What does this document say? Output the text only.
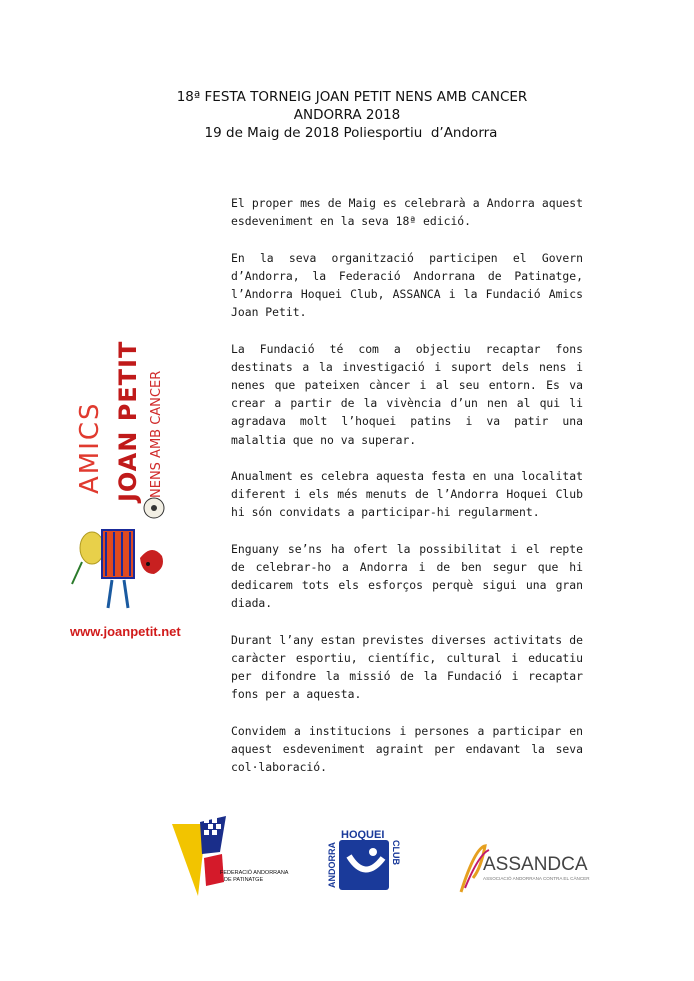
18ª FESTA TORNEIG JOAN PETIT NENS AMB CANCER
ANDORRA 2018
19 de Maig de 2018 Poliesportiu  d’Andorra

El proper mes de Maig es celebrarà a Andorra aquest esdeveniment en la seva 18ª edició.

En la seva organització participen el Govern d’Andorra, la Federació Andorrana de Patinatge, l’Andorra Hoquei Club, ASSANCA i la Fundació Amics Joan Petit.

La Fundació té com a objectiu recaptar fons destinats a la investigació i suport dels nens i nenes que pateixen càncer i al seu entorn. Es va crear a partir de la vivència d’un nen al qui li agradava molt l’hoquei patins i va patir una malaltia que no va superar.

Anualment es celebra aquesta festa en una localitat diferent i els més menuts de l’Andorra Hoquei Club hi són convidats a participar-hi regularment.

Enguany se’ns ha ofert la possibilitat i el repte de celebrar-ho a Andorra i de ben segur que hi dedicarem tots els esforços perquè sigui una gran diada.

Durant l’any estan previstes diverses activitats de caràcter esportiu, científic, cultural i educatiu per difondre la missió de la Fundació i recaptar fons per a aquesta.

Convidem a institucions i persones a participar en aquest esdeveniment agraint per endavant la seva col·laboració.

AMICS JOAN PETIT NENS AMB CANCER
www.joanpetit.net
FEDERACIÓ ANDORRANA
DE PATINATGE
HOQUEI
ANDORRA	CLUB	ASSANDCA
ASSOCIACIÓ ANDORRANA CONTRA EL CÀNCER
